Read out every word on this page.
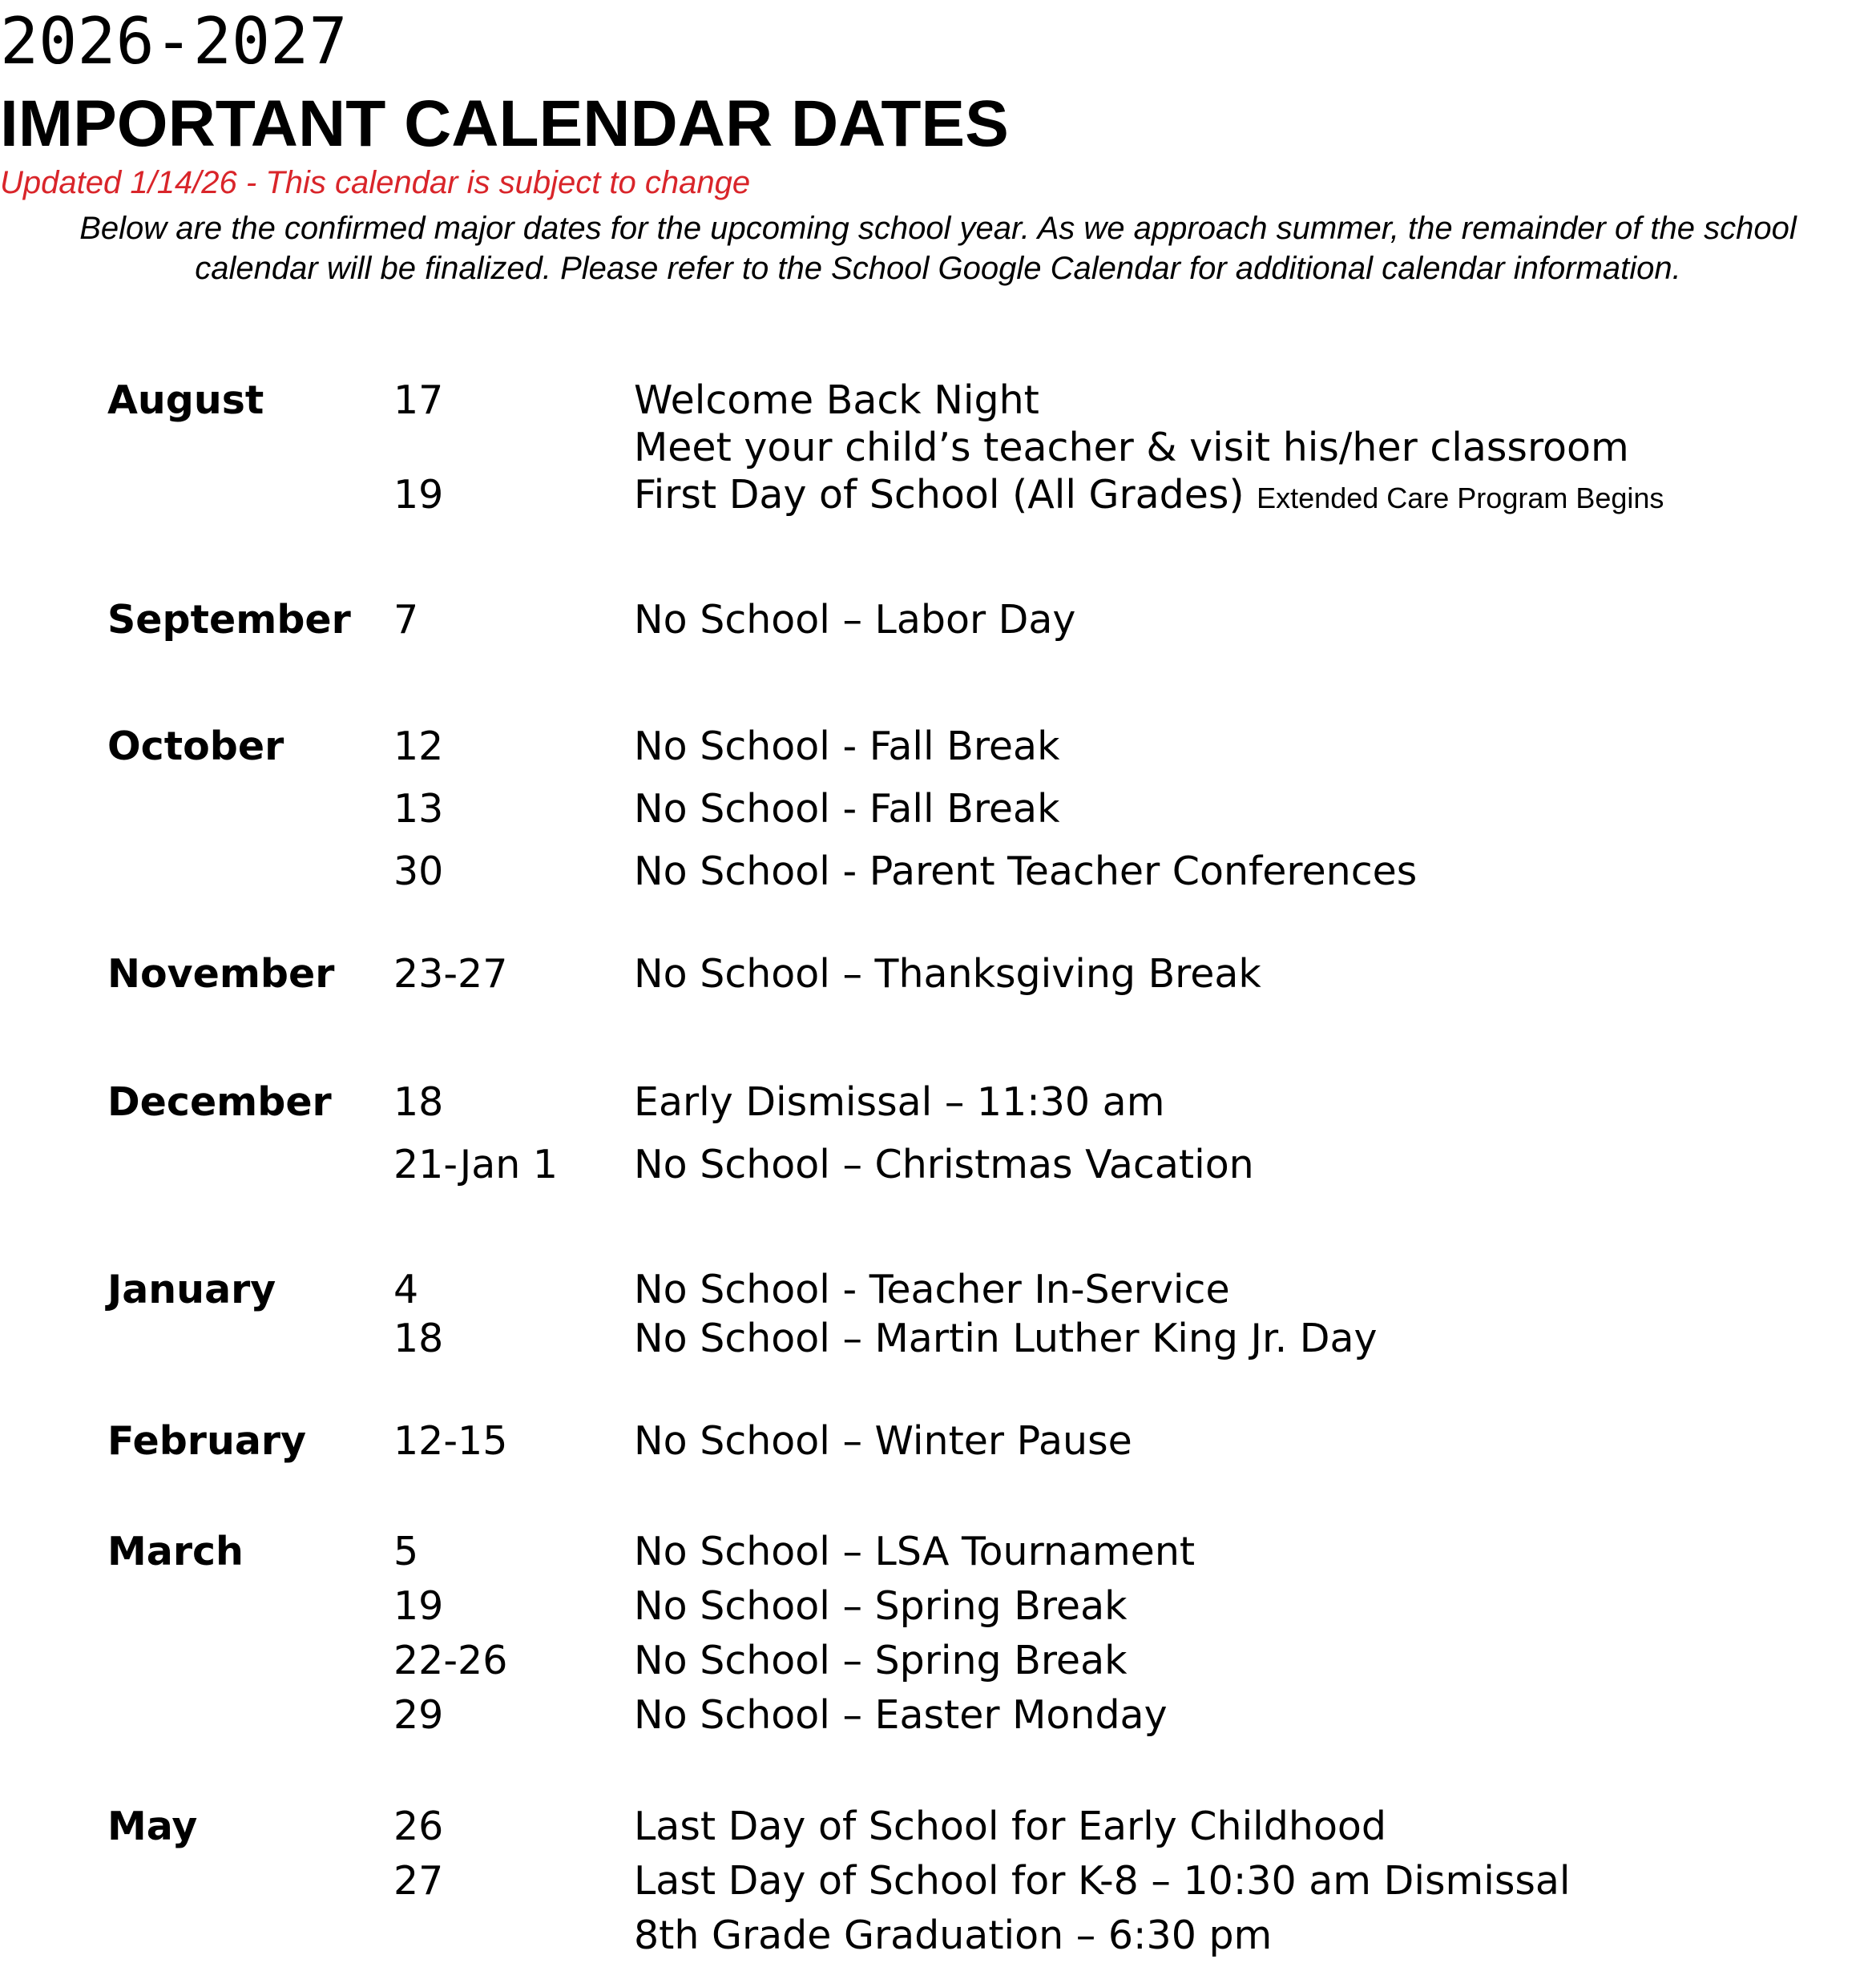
2026-2027
IMPORTANT CALENDAR DATES
Updated 1/14/26 - This calendar is subject to change
Below are the confirmed major dates for the upcoming school year. As we approach summer, the remainder of the school
calendar will be finalized. Please refer to the School Google Calendar for additional calendar information.
August	17	Welcome Back Night
Meet your child’s teacher & visit his/her classroom
19	First Day of School (All Grades) Extended Care Program Begins
September 7	No School – Labor Day
October	12	No School - Fall Break
13	No School - Fall Break
30	No School - Parent Teacher Conferences
November 23-27	No School – Thanksgiving Break
December 18	Early Dismissal – 11:30 am
21-Jan 1 No School – Christmas Vacation
January	4	No School - Teacher In-Service
18	No School – Martin Luther King Jr. Day
February 12-15	No School – Winter Pause
March	5	No School – LSA Tournament
19	No School – Spring Break
22-26	No School – Spring Break
29	No School – Easter Monday
May	26	Last Day of School for Early Childhood
27	Last Day of School for K-8 – 10:30 am Dismissal
8th Grade Graduation – 6:30 pm
